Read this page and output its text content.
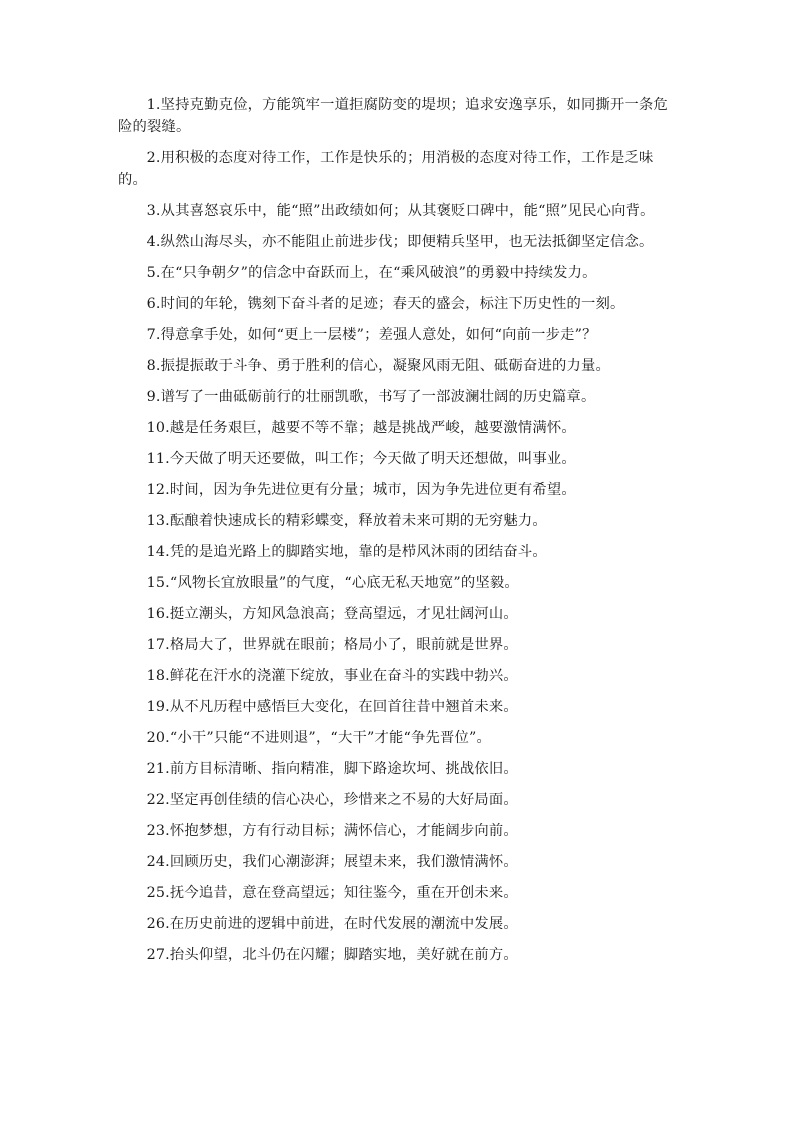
1.坚持克勤克俭，方能筑牢一道拒腐防变的堤坝；追求安逸享乐，如同撕开一条危险的裂缝。

2.用积极的态度对待工作，工作是快乐的；用消极的态度对待工作，工作是乏味的。

3.从其喜怒哀乐中，能“照”出政绩如何；从其褒贬口碑中，能“照”见民心向背。

4.纵然山海尽头，亦不能阻止前进步伐；即便精兵坚甲，也无法抵御坚定信念。

5.在“只争朝夕”的信念中奋跃而上，在“乘风破浪”的勇毅中持续发力。

6.时间的年轮，镌刻下奋斗者的足迹；春天的盛会，标注下历史性的一刻。

7.得意拿手处，如何“更上一层楼”；差强人意处，如何“向前一步走”？

8.振提振敢于斗争、勇于胜利的信心，凝聚风雨无阻、砥砺奋进的力量。

9.谱写了一曲砥砺前行的壮丽凯歌，书写了一部波澜壮阔的历史篇章。

10.越是任务艰巨，越要不等不靠；越是挑战严峻，越要激情满怀。

11.今天做了明天还要做，叫工作；今天做了明天还想做，叫事业。

12.时间，因为争先进位更有分量；城市，因为争先进位更有希望。

13.酝酿着快速成长的精彩蝶变，释放着未来可期的无穷魅力。

14.凭的是追光路上的脚踏实地，靠的是栉风沐雨的团结奋斗。

15.“风物长宜放眼量”的气度，“心底无私天地宽”的坚毅。

16.挺立潮头，方知风急浪高；登高望远，才见壮阔河山。

17.格局大了，世界就在眼前；格局小了，眼前就是世界。

18.鲜花在汗水的浇灌下绽放，事业在奋斗的实践中勃兴。

19.从不凡历程中感悟巨大变化，在回首往昔中翘首未来。

20.“小干”只能“不进则退”，“大干”才能“争先晋位”。

21.前方目标清晰、指向精准，脚下路途坎坷、挑战依旧。

22.坚定再创佳绩的信心决心，珍惜来之不易的大好局面。

23.怀抱梦想，方有行动目标；满怀信心，才能阔步向前。

24.回顾历史，我们心潮澎湃；展望未来，我们激情满怀。

25.抚今追昔，意在登高望远；知往鉴今，重在开创未来。

26.在历史前进的逻辑中前进，在时代发展的潮流中发展。

27.抬头仰望，北斗仍在闪耀；脚踏实地，美好就在前方。
